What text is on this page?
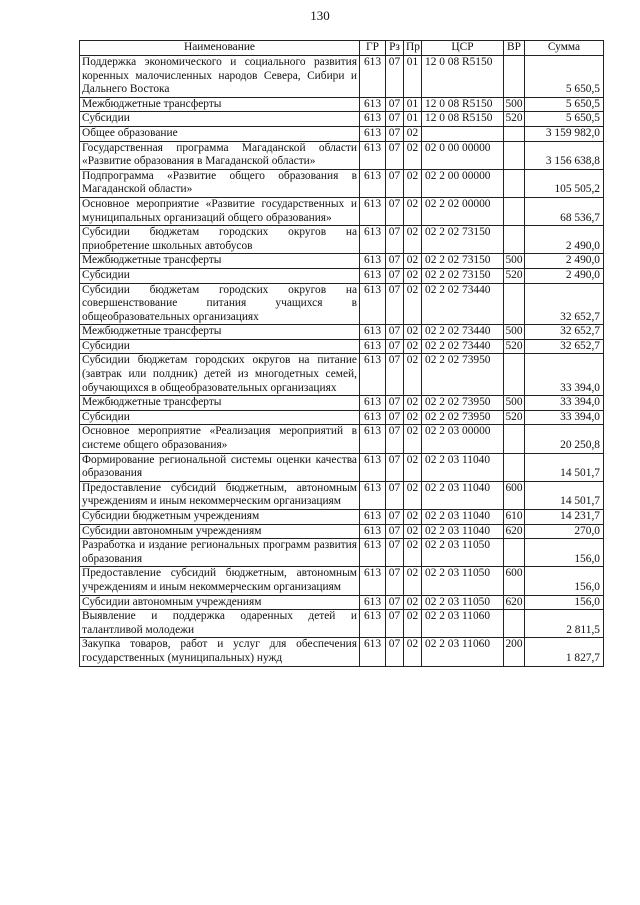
130
Наименование	ГР	Рз	Пр	ЦСР	ВР	Сумма
Поддержка экономического и социального развития коренных малочисленных народов Севера, Сибири и Дальнего Востока	613	07	01	12 0 08 R5150		5 650,5
Межбюджетные трансферты	613	07	01	12 0 08 R5150	500	5 650,5
Субсидии	613	07	01	12 0 08 R5150	520	5 650,5
Общее образование	613	07	02			3 159 982,0
Государственная программа Магаданской области «Развитие образования в Магаданской области»	613	07	02	02 0 00 00000		3 156 638,8
Подпрограмма «Развитие общего образования в Магаданской области»	613	07	02	02 2 00 00000		105 505,2
Основное мероприятие «Развитие государственных и муниципальных организаций общего образования»	613	07	02	02 2 02 00000		68 536,7
Субсидии бюджетам городских округов на приобретение школьных автобусов	613	07	02	02 2 02 73150		2 490,0
Межбюджетные трансферты	613	07	02	02 2 02 73150	500	2 490,0
Субсидии	613	07	02	02 2 02 73150	520	2 490,0
Субсидии бюджетам городских округов на совершенствование питания учащихся в общеобразовательных организациях	613	07	02	02 2 02 73440		32 652,7
Межбюджетные трансферты	613	07	02	02 2 02 73440	500	32 652,7
Субсидии	613	07	02	02 2 02 73440	520	32 652,7
Субсидии бюджетам городских округов на питание (завтрак или полдник) детей из многодетных семей, обучающихся в общеобразовательных организациях	613	07	02	02 2 02 73950		33 394,0
Межбюджетные трансферты	613	07	02	02 2 02 73950	500	33 394,0
Субсидии	613	07	02	02 2 02 73950	520	33 394,0
Основное мероприятие «Реализация мероприятий в системе общего образования»	613	07	02	02 2 03 00000		20 250,8
Формирование региональной системы оценки качества образования	613	07	02	02 2 03 11040		14 501,7
Предоставление субсидий бюджетным, автономным учреждениям и иным некоммерческим организациям	613	07	02	02 2 03 11040	600	14 501,7
Субсидии бюджетным учреждениям	613	07	02	02 2 03 11040	610	14 231,7
Субсидии автономным учреждениям	613	07	02	02 2 03 11040	620	270,0
Разработка и издание региональных программ развития образования	613	07	02	02 2 03 11050		156,0
Предоставление субсидий бюджетным, автономным учреждениям и иным некоммерческим организациям	613	07	02	02 2 03 11050	600	156,0
Субсидии автономным учреждениям	613	07	02	02 2 03 11050	620	156,0
Выявление и поддержка одаренных детей и талантливой молодежи	613	07	02	02 2 03 11060		2 811,5
Закупка товаров, работ и услуг для обеспечения государственных (муниципальных) нужд	613	07	02	02 2 03 11060	200	1 827,7
